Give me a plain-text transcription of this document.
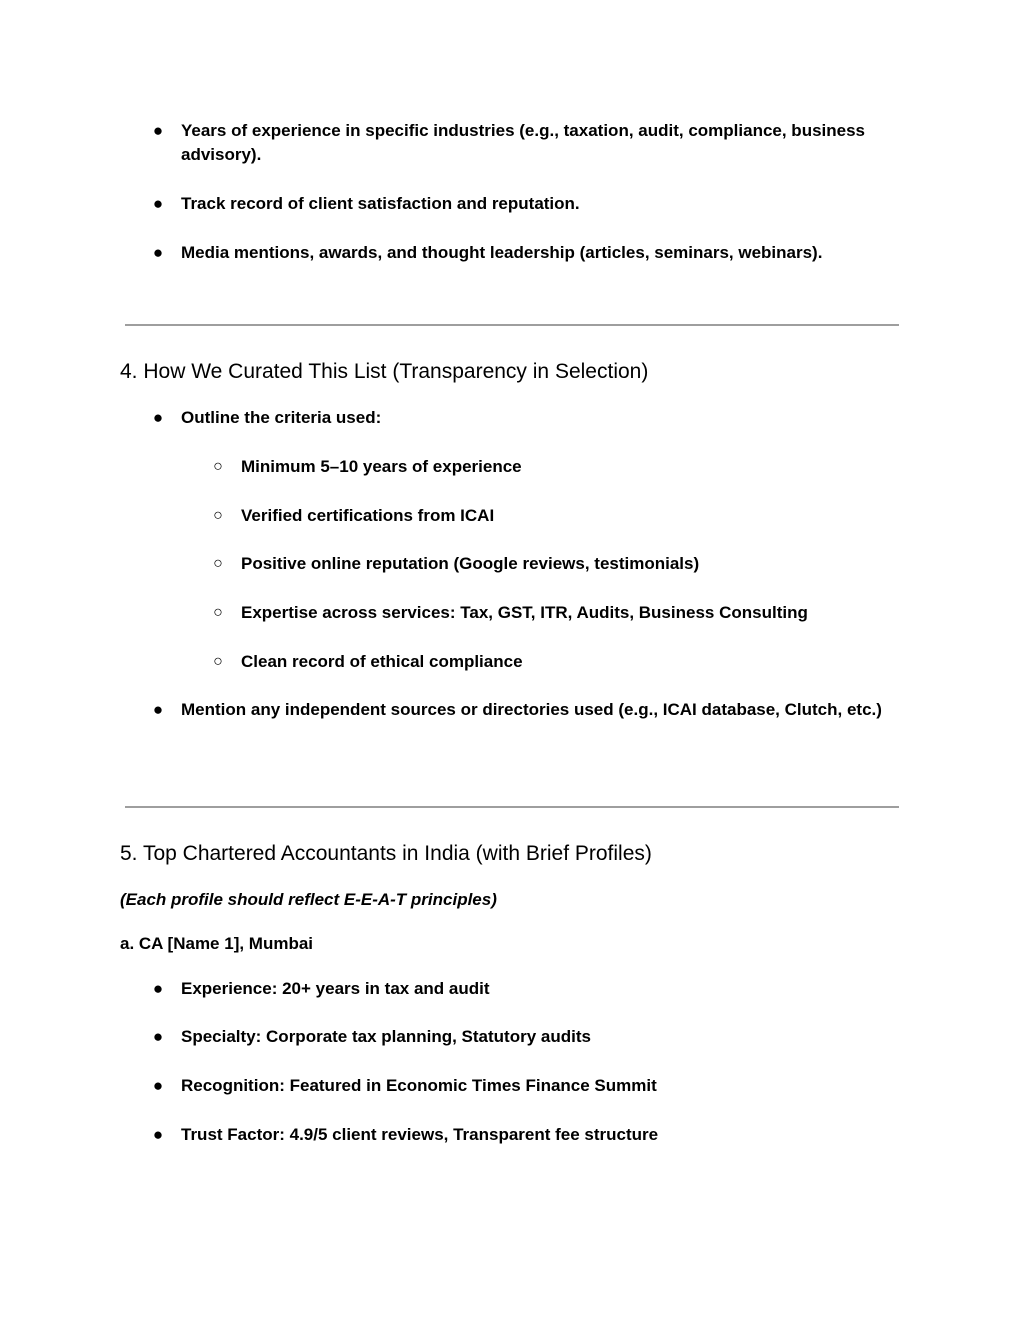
● Years of experience in specific industries (e.g., taxation, audit, compliance, business advisory).
● Track record of client satisfaction and reputation.
● Media mentions, awards, and thought leadership (articles, seminars, webinars).
4. How We Curated This List (Transparency in Selection)
● Outline the criteria used:
○	Minimum 5–10 years of experience
○	Verified certifications from ICAI
○	Positive online reputation (Google reviews, testimonials)
○	Expertise across services: Tax, GST, ITR, Audits, Business Consulting
○	Clean record of ethical compliance
● Mention any independent sources or directories used (e.g., ICAI database, Clutch, etc.)
5. Top Chartered Accountants in India (with Brief Profiles)
(Each profile should reflect E-E-A-T principles)
a. CA [Name 1], Mumbai
● Experience: 20+ years in tax and audit
● Specialty: Corporate tax planning, Statutory audits
● Recognition: Featured in Economic Times Finance Summit
● Trust Factor: 4.9/5 client reviews, Transparent fee structure
